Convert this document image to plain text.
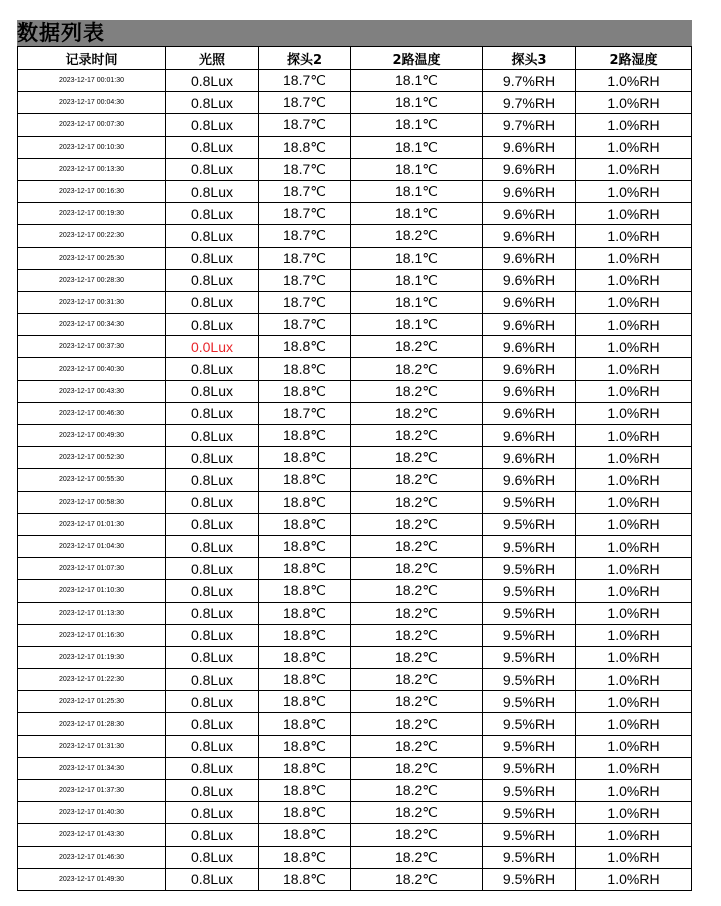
数据列表
记录时间	光照	探头2	2路温度	探头3	2路湿度
2023-12-17 00:01:30	0.8Lux	18.7℃	18.1℃	9.7%RH	1.0%RH
2023-12-17 00:04:30	0.8Lux	18.7℃	18.1℃	9.7%RH	1.0%RH
2023-12-17 00:07:30	0.8Lux	18.7℃	18.1℃	9.7%RH	1.0%RH
2023-12-17 00:10:30	0.8Lux	18.8℃	18.1℃	9.6%RH	1.0%RH
2023-12-17 00:13:30	0.8Lux	18.7℃	18.1℃	9.6%RH	1.0%RH
2023-12-17 00:16:30	0.8Lux	18.7℃	18.1℃	9.6%RH	1.0%RH
2023-12-17 00:19:30	0.8Lux	18.7℃	18.1℃	9.6%RH	1.0%RH
2023-12-17 00:22:30	0.8Lux	18.7℃	18.2℃	9.6%RH	1.0%RH
2023-12-17 00:25:30	0.8Lux	18.7℃	18.1℃	9.6%RH	1.0%RH
2023-12-17 00:28:30	0.8Lux	18.7℃	18.1℃	9.6%RH	1.0%RH
2023-12-17 00:31:30	0.8Lux	18.7℃	18.1℃	9.6%RH	1.0%RH
2023-12-17 00:34:30	0.8Lux	18.7℃	18.1℃	9.6%RH	1.0%RH
2023-12-17 00:37:30	0.0Lux	18.8℃	18.2℃	9.6%RH	1.0%RH
2023-12-17 00:40:30	0.8Lux	18.8℃	18.2℃	9.6%RH	1.0%RH
2023-12-17 00:43:30	0.8Lux	18.8℃	18.2℃	9.6%RH	1.0%RH
2023-12-17 00:46:30	0.8Lux	18.7℃	18.2℃	9.6%RH	1.0%RH
2023-12-17 00:49:30	0.8Lux	18.8℃	18.2℃	9.6%RH	1.0%RH
2023-12-17 00:52:30	0.8Lux	18.8℃	18.2℃	9.6%RH	1.0%RH
2023-12-17 00:55:30	0.8Lux	18.8℃	18.2℃	9.6%RH	1.0%RH
2023-12-17 00:58:30	0.8Lux	18.8℃	18.2℃	9.5%RH	1.0%RH
2023-12-17 01:01:30	0.8Lux	18.8℃	18.2℃	9.5%RH	1.0%RH
2023-12-17 01:04:30	0.8Lux	18.8℃	18.2℃	9.5%RH	1.0%RH
2023-12-17 01:07:30	0.8Lux	18.8℃	18.2℃	9.5%RH	1.0%RH
2023-12-17 01:10:30	0.8Lux	18.8℃	18.2℃	9.5%RH	1.0%RH
2023-12-17 01:13:30	0.8Lux	18.8℃	18.2℃	9.5%RH	1.0%RH
2023-12-17 01:16:30	0.8Lux	18.8℃	18.2℃	9.5%RH	1.0%RH
2023-12-17 01:19:30	0.8Lux	18.8℃	18.2℃	9.5%RH	1.0%RH
2023-12-17 01:22:30	0.8Lux	18.8℃	18.2℃	9.5%RH	1.0%RH
2023-12-17 01:25:30	0.8Lux	18.8℃	18.2℃	9.5%RH	1.0%RH
2023-12-17 01:28:30	0.8Lux	18.8℃	18.2℃	9.5%RH	1.0%RH
2023-12-17 01:31:30	0.8Lux	18.8℃	18.2℃	9.5%RH	1.0%RH
2023-12-17 01:34:30	0.8Lux	18.8℃	18.2℃	9.5%RH	1.0%RH
2023-12-17 01:37:30	0.8Lux	18.8℃	18.2℃	9.5%RH	1.0%RH
2023-12-17 01:40:30	0.8Lux	18.8℃	18.2℃	9.5%RH	1.0%RH
2023-12-17 01:43:30	0.8Lux	18.8℃	18.2℃	9.5%RH	1.0%RH
2023-12-17 01:46:30	0.8Lux	18.8℃	18.2℃	9.5%RH	1.0%RH
2023-12-17 01:49:30	0.8Lux	18.8℃	18.2℃	9.5%RH	1.0%RH
